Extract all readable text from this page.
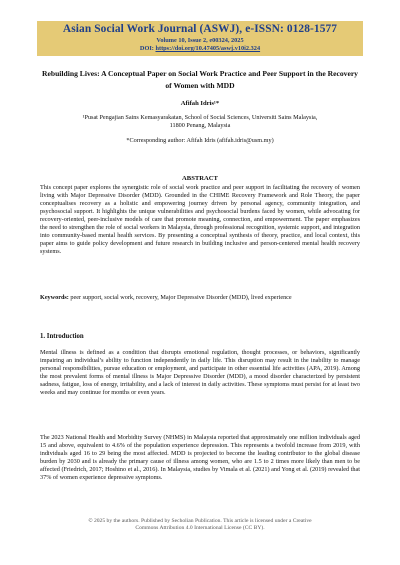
Asian Social Work Journal (ASWJ), e-ISSN: 0128-1577
Volume 10, Issue 2, e00324, 2025
DOI: https://doi.org/10.47405/aswj.v10i2.324

Rebuilding Lives: A Conceptual Paper on Social Work Practice and Peer Support in the Recovery of Women with MDD

Afifah Idris¹*
¹Pusat Pengajian Sains Kemasyarakatan, School of Social Sciences, Universiti Sains Malaysia,
11800 Penang, Malaysia
*Corresponding author: Afifah Idris (afifah.idris@usm.my)
ABSTRACT

This concept paper explores the synergistic role of social work practice and peer support in facilitating the recovery of women living with Major Depressive Disorder (MDD). Grounded in the CHIME Recovery Framework and Role Theory, the paper conceptualises recovery as a holistic and empowering journey driven by personal agency, community integration, and psychosocial support. It highlights the unique vulnerabilities and psychosocial burdens faced by women, while advocating for recovery-oriented, peer-inclusive models of care that promote meaning, connection, and empowerment. The paper emphasizes the need to strengthen the role of social workers in Malaysia, through professional recognition, systemic support, and integration into community-based mental health services. By presenting a conceptual synthesis of theory, practice, and local context, this paper aims to guide policy development and future research in building inclusive and person-centered mental health recovery systems.

Keywords: peer support, social work, recovery, Major Depressive Disorder (MDD), lived experience

1. Introduction

Mental illness is defined as a condition that disrupts emotional regulation, thought processes, or behaviors, significantly impairing an individual’s ability to function independently in daily life. This disruption may result in the inability to manage personal responsibilities, pursue education or employment, and participate in other essential life activities (APA, 2019). Among the most prevalent forms of mental illness is Major Depressive Disorder (MDD), a mood disorder characterized by persistent sadness, fatigue, loss of energy, irritability, and a lack of interest in daily activities. These symptoms must persist for at least two weeks and may continue for months or even years.

The 2023 National Health and Morbidity Survey (NHMS) in Malaysia reported that approximately one million individuals aged 15 and above, equivalent to 4.6% of the population experience depression. This represents a twofold increase from 2019, with individuals aged 16 to 29 being the most affected. MDD is projected to become the leading contributor to the global disease burden by 2030 and is already the primary cause of illness among women, who are 1.5 to 2 times more likely than men to be affected (Friedrich, 2017; Hoshino et al., 2016). In Malaysia, studies by Vimala et al. (2021) and Yong et al. (2019) revealed that 37% of women experience depressive symptoms.

© 2025 by the authors. Published by Secholian Publication. This article is licensed under a Creative
Commons Attribution 4.0 International License (CC BY).
